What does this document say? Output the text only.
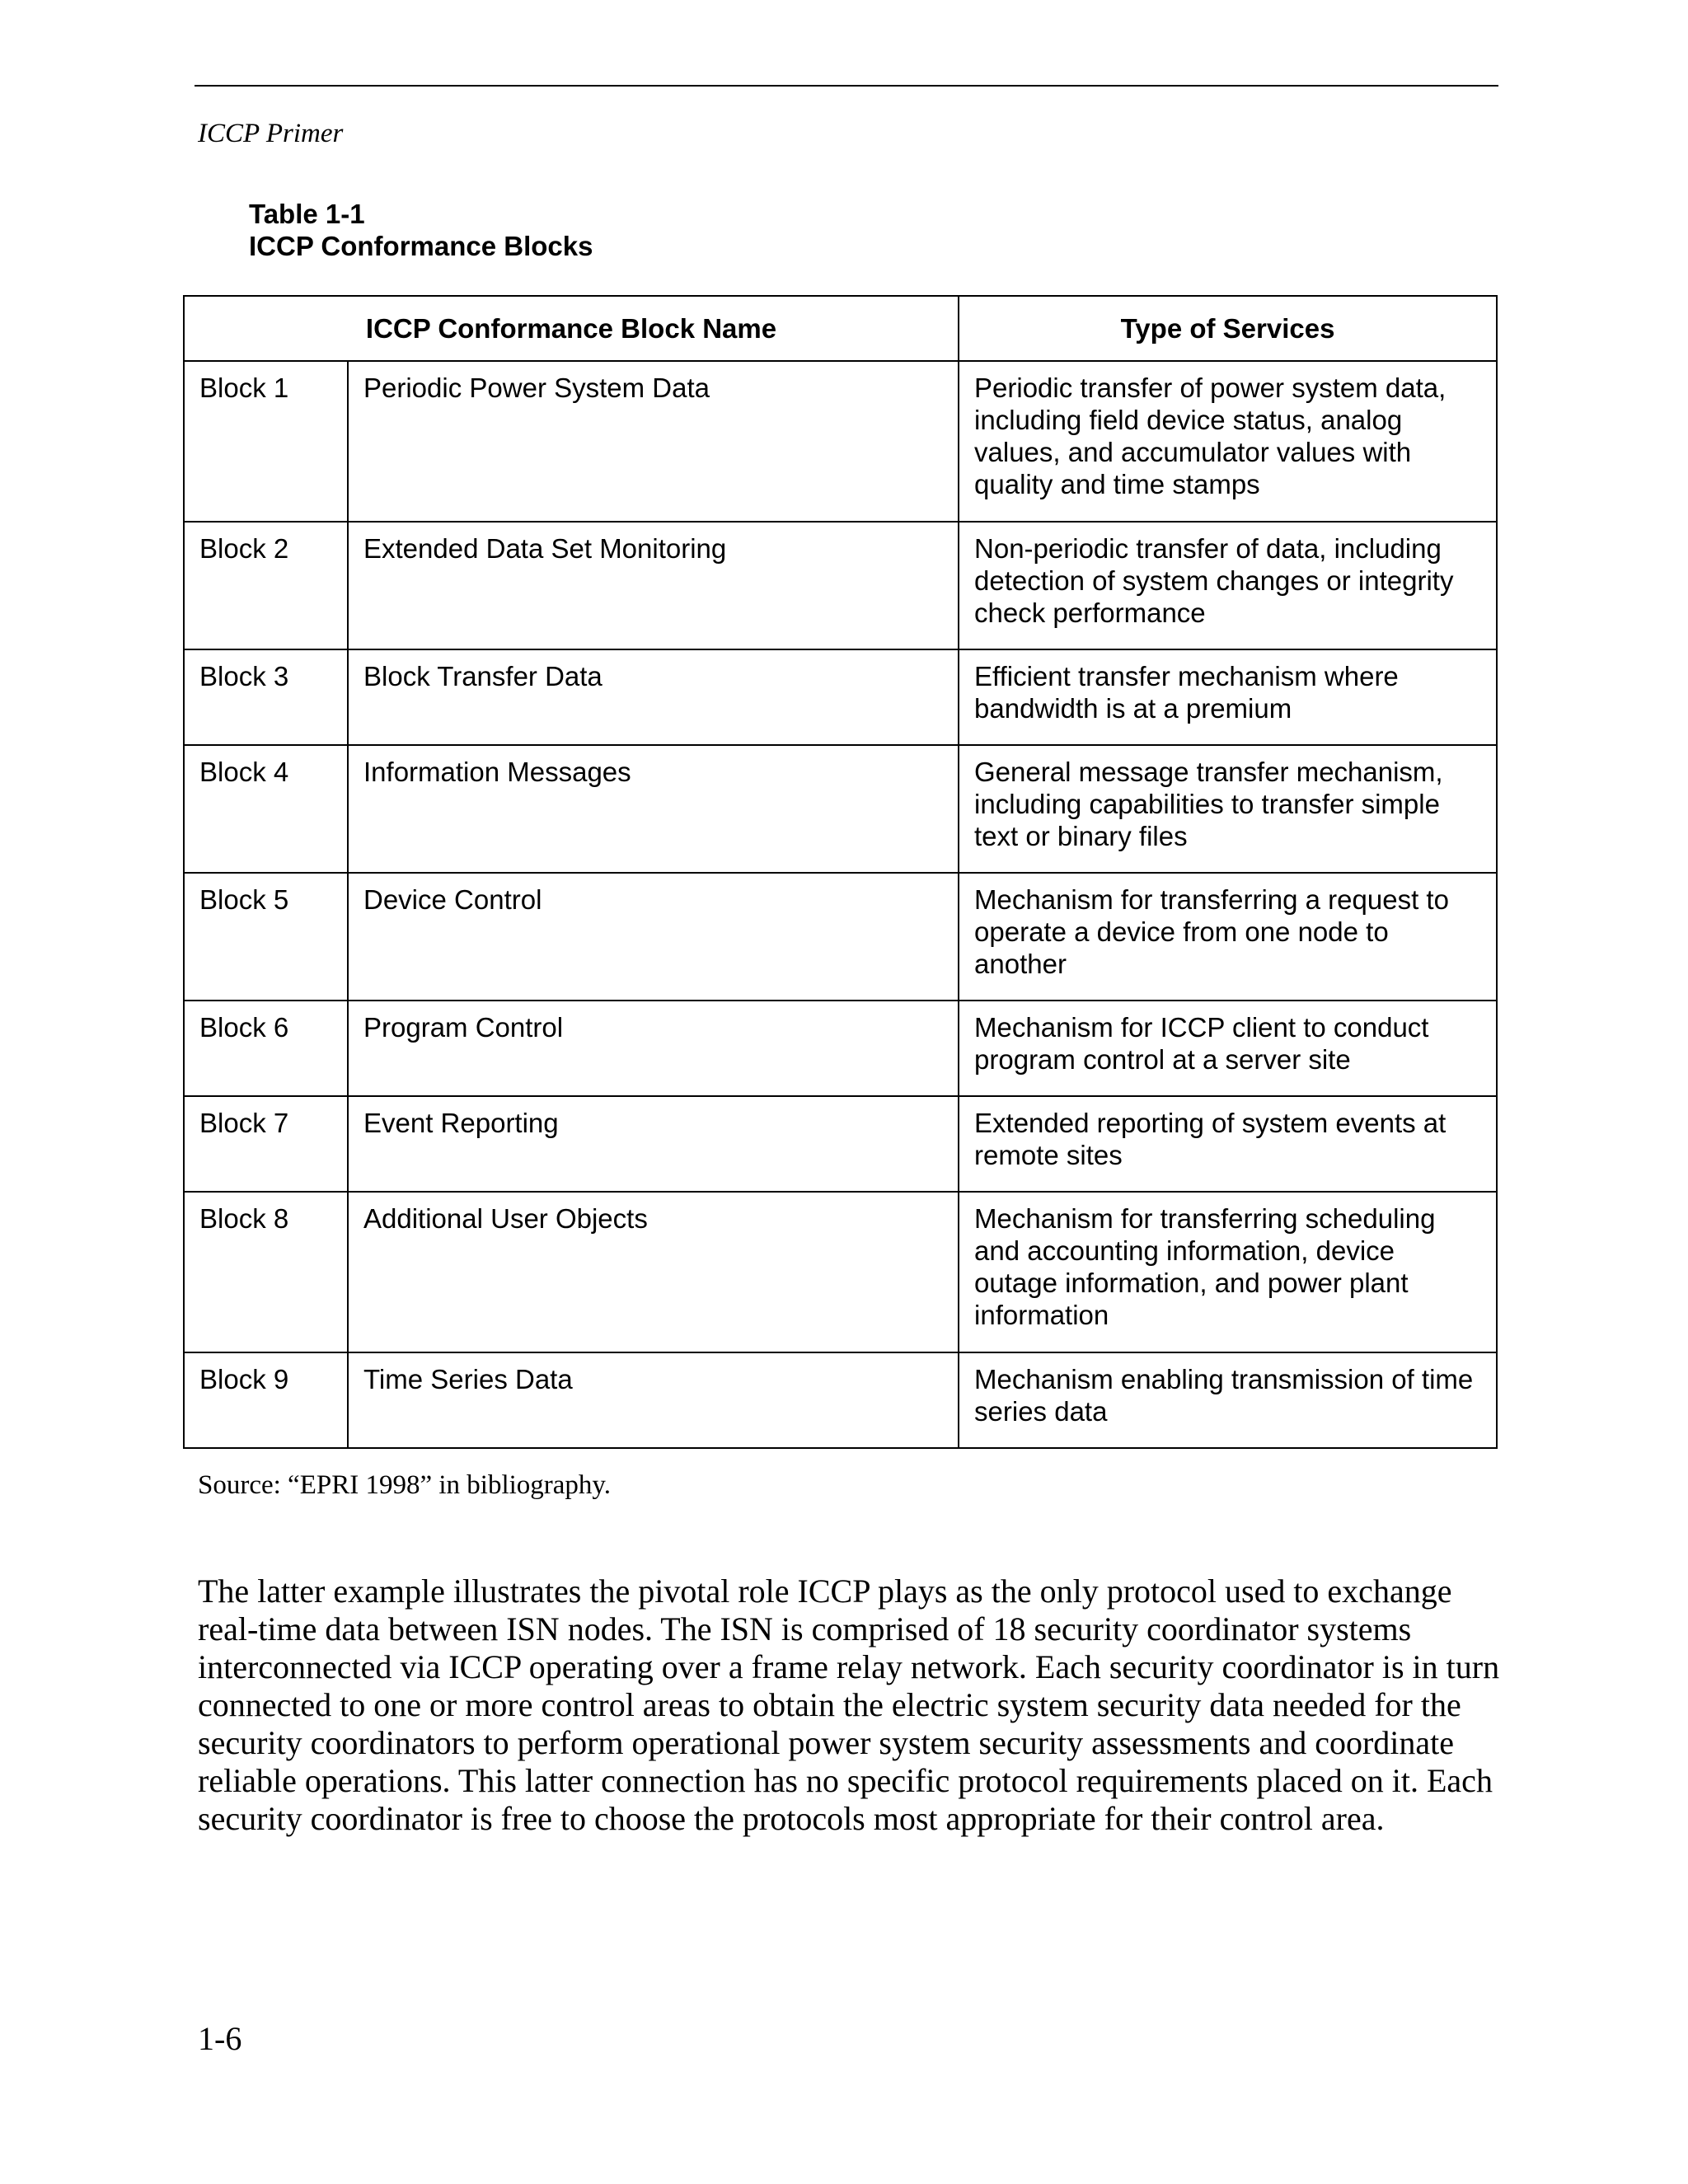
ICCP Primer
Table 1-1
ICCP Conformance Blocks
ICCP Conformance Block Name		Type of Services
Block 1	Periodic Power System Data	Periodic transfer of power system data, including field device status, analog values, and accumulator values with quality and time stamps
Block 2	Extended Data Set Monitoring	Non-periodic transfer of data, including detection of system changes or integrity check performance
Block 3	Block Transfer Data	Efficient transfer mechanism where bandwidth is at a premium
Block 4	Information Messages	General message transfer mechanism, including capabilities to transfer simple text or binary files
Block 5	Device Control	Mechanism for transferring a request to operate a device from one node to another
Block 6	Program Control	Mechanism for ICCP client to conduct program control at a server site
Block 7	Event Reporting	Extended reporting of system events at remote sites
Block 8	Additional User Objects	Mechanism for transferring scheduling and accounting information, device outage information, and power plant information
Block 9	Time Series Data	Mechanism enabling transmission of time series data
Source: “EPRI 1998” in bibliography.

The latter example illustrates the pivotal role ICCP plays as the only protocol used to exchange real-time data between ISN nodes. The ISN is comprised of 18 security coordinator systems interconnected via ICCP operating over a frame relay network. Each security coordinator is in turn connected to one or more control areas to obtain the electric system security data needed for the security coordinators to perform operational power system security assessments and coordinate reliable operations. This latter connection has no specific protocol requirements placed on it. Each security coordinator is free to choose the protocols most appropriate for their control area.

1-6
